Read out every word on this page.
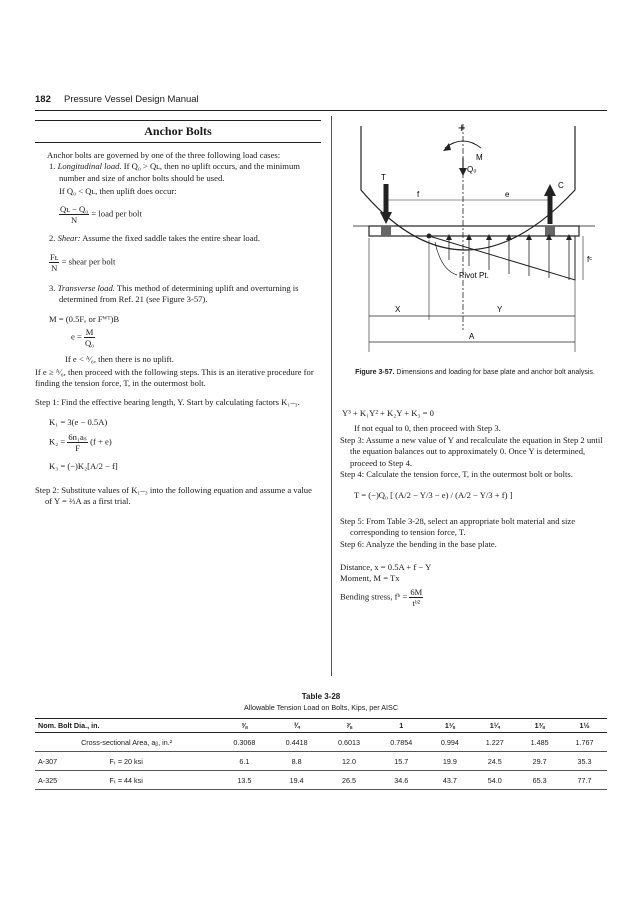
182 Pressure Vessel Design Manual
Anchor Bolts

Anchor bolts are governed by one of the three following load cases:

1. Longitudinal load. If Q₀ > Qʟ, then no uplift occurs, and the minimum number and size of anchor bolts should be used.

If Q₀ < Qʟ, then uplift does occur:

$\frac{\text{Qʟ − Q₀}}{N}$ = load per bolt

2. Shear: Assume the fixed saddle takes the entire shear load.

$\frac{\text{Fʟ}}{N}$ = shear per bolt

3. Transverse load. This method of determining uplift and overturning is determined from Ref. 21 (see Figure 3-57).

M = (0.5Fₑ or Fᵂᵀ)B
$e = \frac{M}{\text{Q₀}}$

If e < ᴬ⁄₆, then there is no uplift.

If e ≥ ᴬ⁄₆, then proceed with the following steps. This is an iterative procedure for finding the tension force, T, in the outermost bolt.

Step 1: Find the effective bearing length, Y. Start by calculating factors K₁–₃.

K₁ = 3(e − 0.5A)
$K_2 = \frac{\text{6n₁aₛ}}{F} (f + e)$
K₃ = (−)K₂[A/2 − f]

Step 2: Substitute values of K₁–₃ into the following equation and assume a value of Y = ⅔A as a first trial.

+
M
Q₀
T
C
f	e
fᶜ
Pivot Pt.
X	Y
A
Figure 3-57. Dimensions and loading for base plate and anchor bolt analysis.
Y³ + K₁Y² + K₂Y + K₃ = 0

If not equal to 0, then proceed with Step 3.

Step 3: Assume a new value of Y and recalculate the equation in Step 2 until the equation balances out to approximately 0. Once Y is determined, proceed to Step 4.

Step 4: Calculate the tension force, T, in the outermost bolt or bolts.

T = (−)Q₀ [ (A/2 − Y/3 − e) / (A/2 − Y/3 + f) ]

Step 5: From Table 3-28, select an appropriate bolt material and size corresponding to tension force, T.

Step 6: Analyze the bending in the base plate.

Distance, x = 0.5A + f − Y
Moment, M = Tx
Bending stress, fᵇ = $\frac{6M}{\text{tᵇ²}}$
Table 3-28
Allowable Tension Load on Bolts, Kips, per AISC
Nom. Bolt Dia., in.		⅜	¾	⅞	1	1⅛	1¼	1⅜	1½
Cross-sectional Area, aᵦ, in.²		0.3068	0.4418	0.6013	0.7854	0.994	1.227	1.485	1.767
A-307	Fₜ = 20 ksi	6.1	8.8	12.0	15.7	19.9	24.5	29.7	35.3
A-325	Fₜ = 44 ksi	13.5	19.4	26.5	34.6	43.7	54.0	65.3	77.7
